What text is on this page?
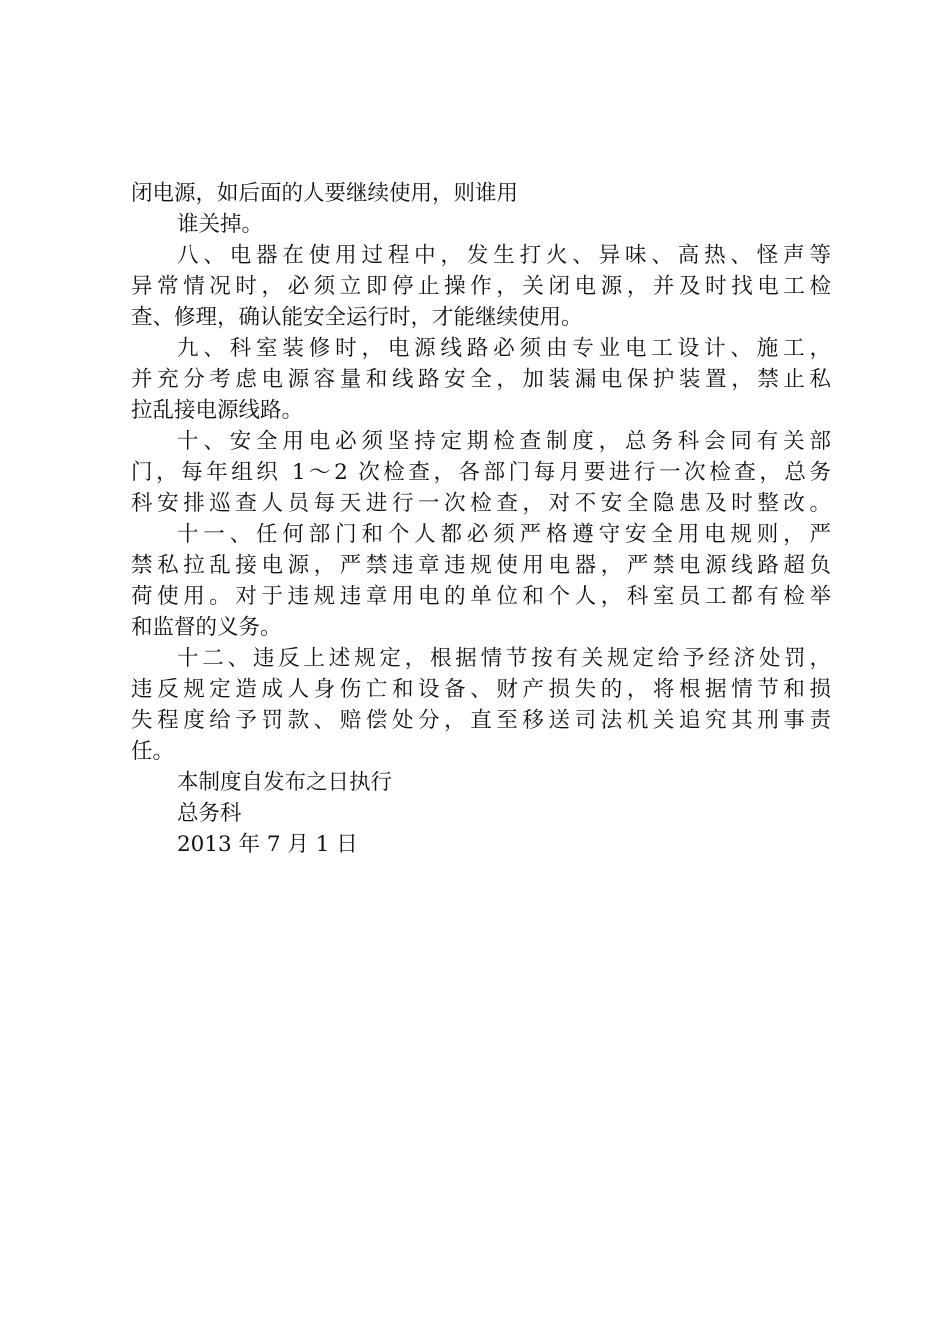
闭电源，如后面的人要继续使用，则谁用
谁关掉。
八、电器在使用过程中，发生打火、异味、高热、怪声等
异常情况时，必须立即停止操作，关闭电源，并及时找电工检
查、修理，确认能安全运行时，才能继续使用。
九、科室装修时，电源线路必须由专业电工设计、施工，
并充分考虑电源容量和线路安全，加装漏电保护装置，禁止私
拉乱接电源线路。
十、安全用电必须坚持定期检查制度，总务科会同有关部
门，每年组织 1～2 次检查，各部门每月要进行一次检查，总务
科安排巡查人员每天进行一次检查，对不安全隐患及时整改。
十一、任何部门和个人都必须严格遵守安全用电规则，严
禁私拉乱接电源，严禁违章违规使用电器，严禁电源线路超负
荷使用。对于违规违章用电的单位和个人，科室员工都有检举
和监督的义务。
十二、违反上述规定，根据情节按有关规定给予经济处罚，
违反规定造成人身伤亡和设备、财产损失的，将根据情节和损
失程度给予罚款、赔偿处分，直至移送司法机关追究其刑事责
任。
本制度自发布之日执行
总务科
2013 年 7 月 1 日
